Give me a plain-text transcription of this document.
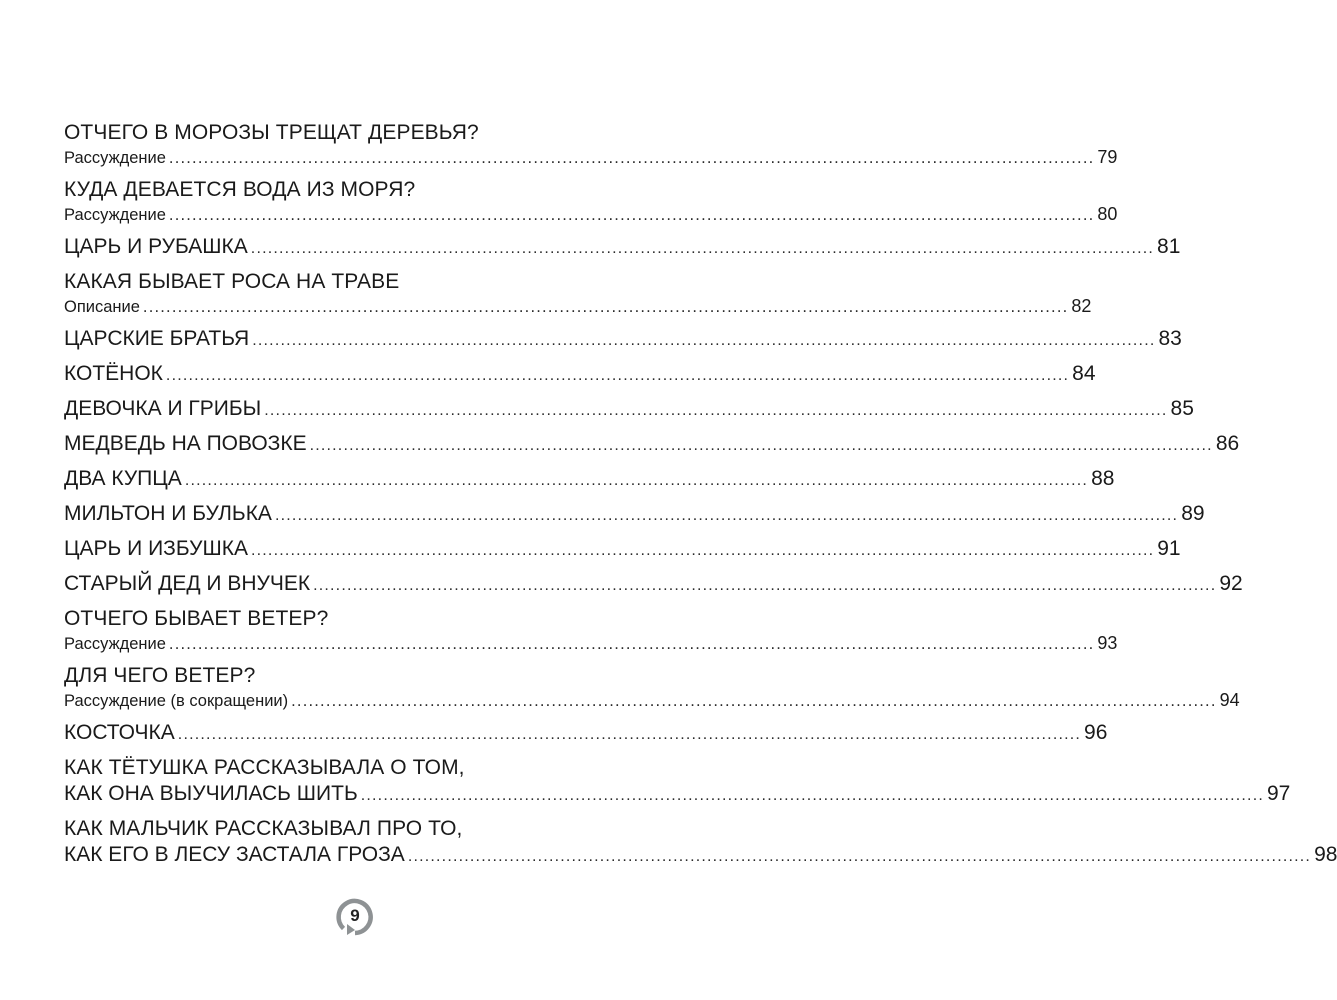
ОТЧЕГО В МОРОЗЫ ТРЕЩАТ ДЕРЕВЬЯ?
Рассуждение ................................................................................................................................................................ 79
КУДА ДЕВАЕТСЯ ВОДА ИЗ МОРЯ?
Рассуждение ................................................................................................................................................................ 80
ЦАРЬ И РУБАШКА ................................................................................................................................................................ 81
КАКАЯ БЫВАЕТ РОСА НА ТРАВЕ
Описание ................................................................................................................................................................ 82
ЦАРСКИЕ БРАТЬЯ ................................................................................................................................................................ 83
КОТЁНОК ................................................................................................................................................................ 84
ДЕВОЧКА И ГРИБЫ ................................................................................................................................................................ 85
МЕДВЕДЬ НА ПОВОЗКЕ ................................................................................................................................................................ 86
ДВА КУПЦА ................................................................................................................................................................ 88
МИЛЬТОН И БУЛЬКА ................................................................................................................................................................ 89
ЦАРЬ И ИЗБУШКА ................................................................................................................................................................ 91
СТАРЫЙ ДЕД И ВНУЧЕК ................................................................................................................................................................ 92
ОТЧЕГО БЫВАЕТ ВЕТЕР?
Рассуждение ................................................................................................................................................................ 93
ДЛЯ ЧЕГО ВЕТЕР?
Рассуждение (в сокращении) ................................................................................................................................................................ 94
КОСТОЧКА ................................................................................................................................................................ 96
КАК ТЁТУШКА РАССКАЗЫВАЛА О ТОМ,
КАК ОНА ВЫУЧИЛАСЬ ШИТЬ ................................................................................................................................................................ 97
КАК МАЛЬЧИК РАССКАЗЫВАЛ ПРО ТО,
КАК ЕГО В ЛЕСУ ЗАСТАЛА ГРОЗА ................................................................................................................................................................ 98
9
